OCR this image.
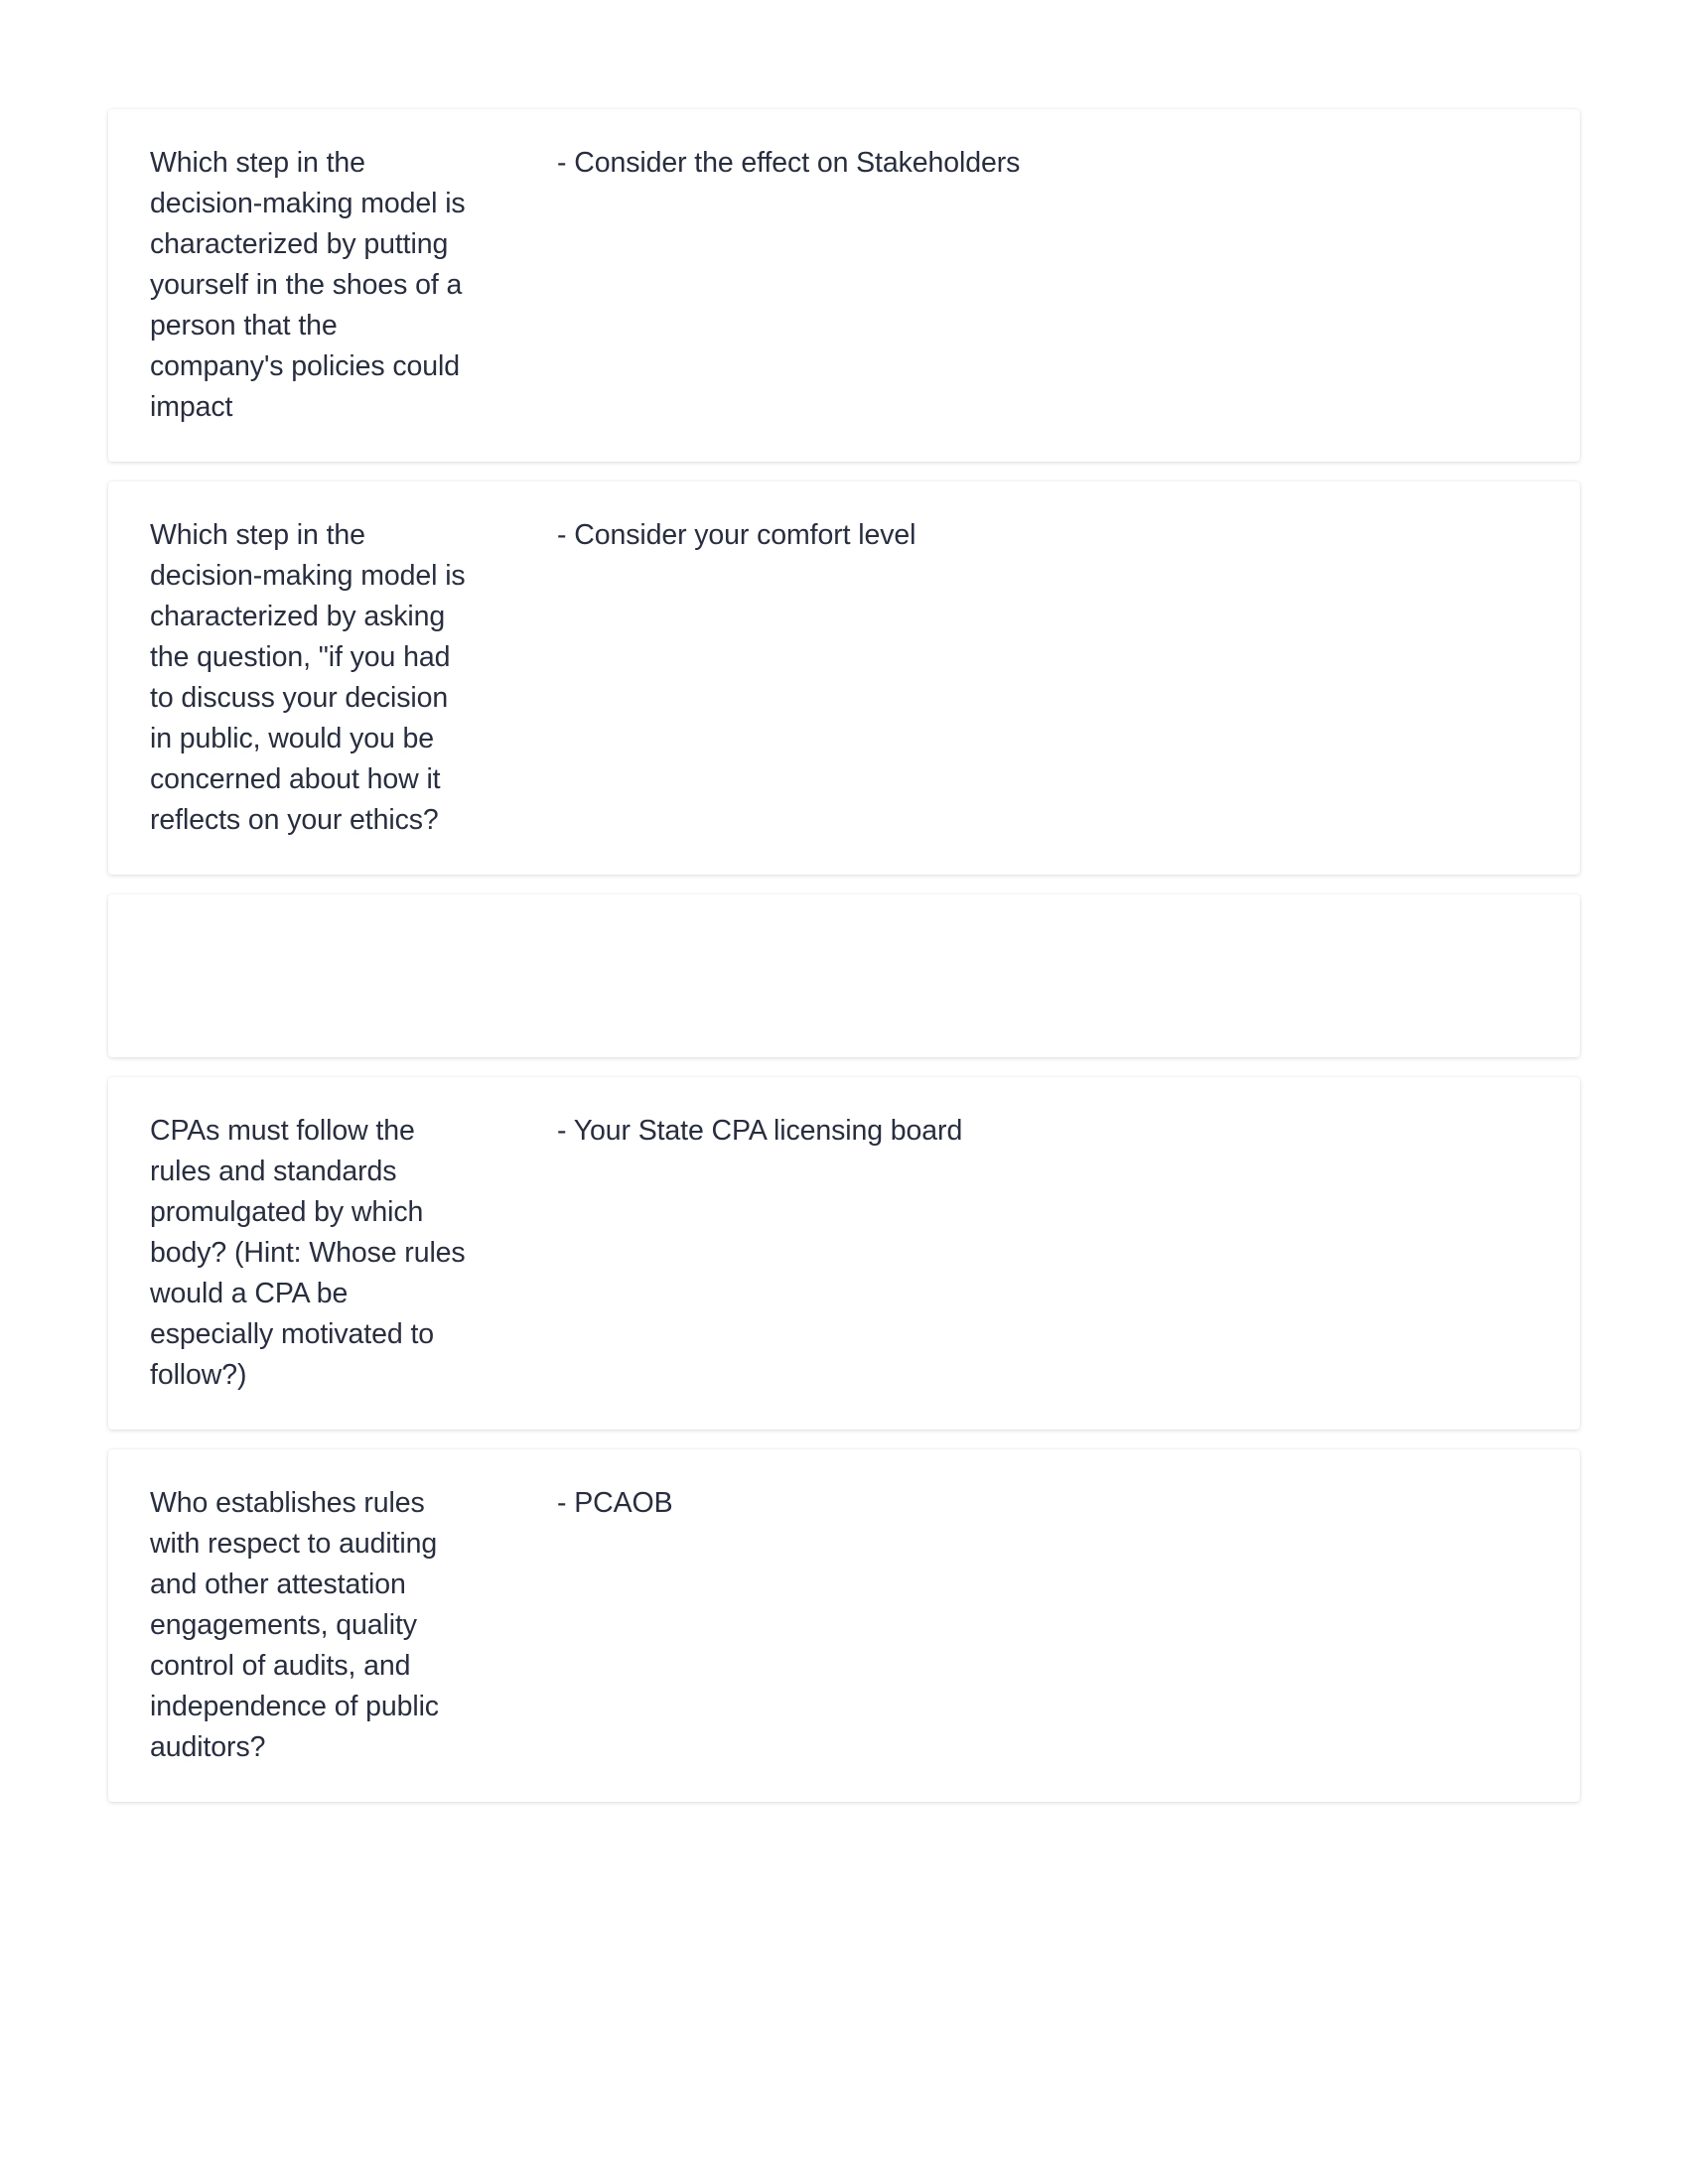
Which step in the decision-making model is characterized by putting yourself in the shoes of a person that the company's policies could impact
- Consider the effect on Stakeholders
Which step in the decision-making model is characterized by asking the question, "if you had to discuss your decision in public, would you be concerned about how it reflects on your ethics?
- Consider your comfort level
CPAs must follow the rules and standards promulgated by which body? (Hint: Whose rules would a CPA be especially motivated to follow?)
- Your State CPA licensing board
Who establishes rules with respect to auditing and other attestation engagements, quality control of audits, and independence of public auditors?
- PCAOB
